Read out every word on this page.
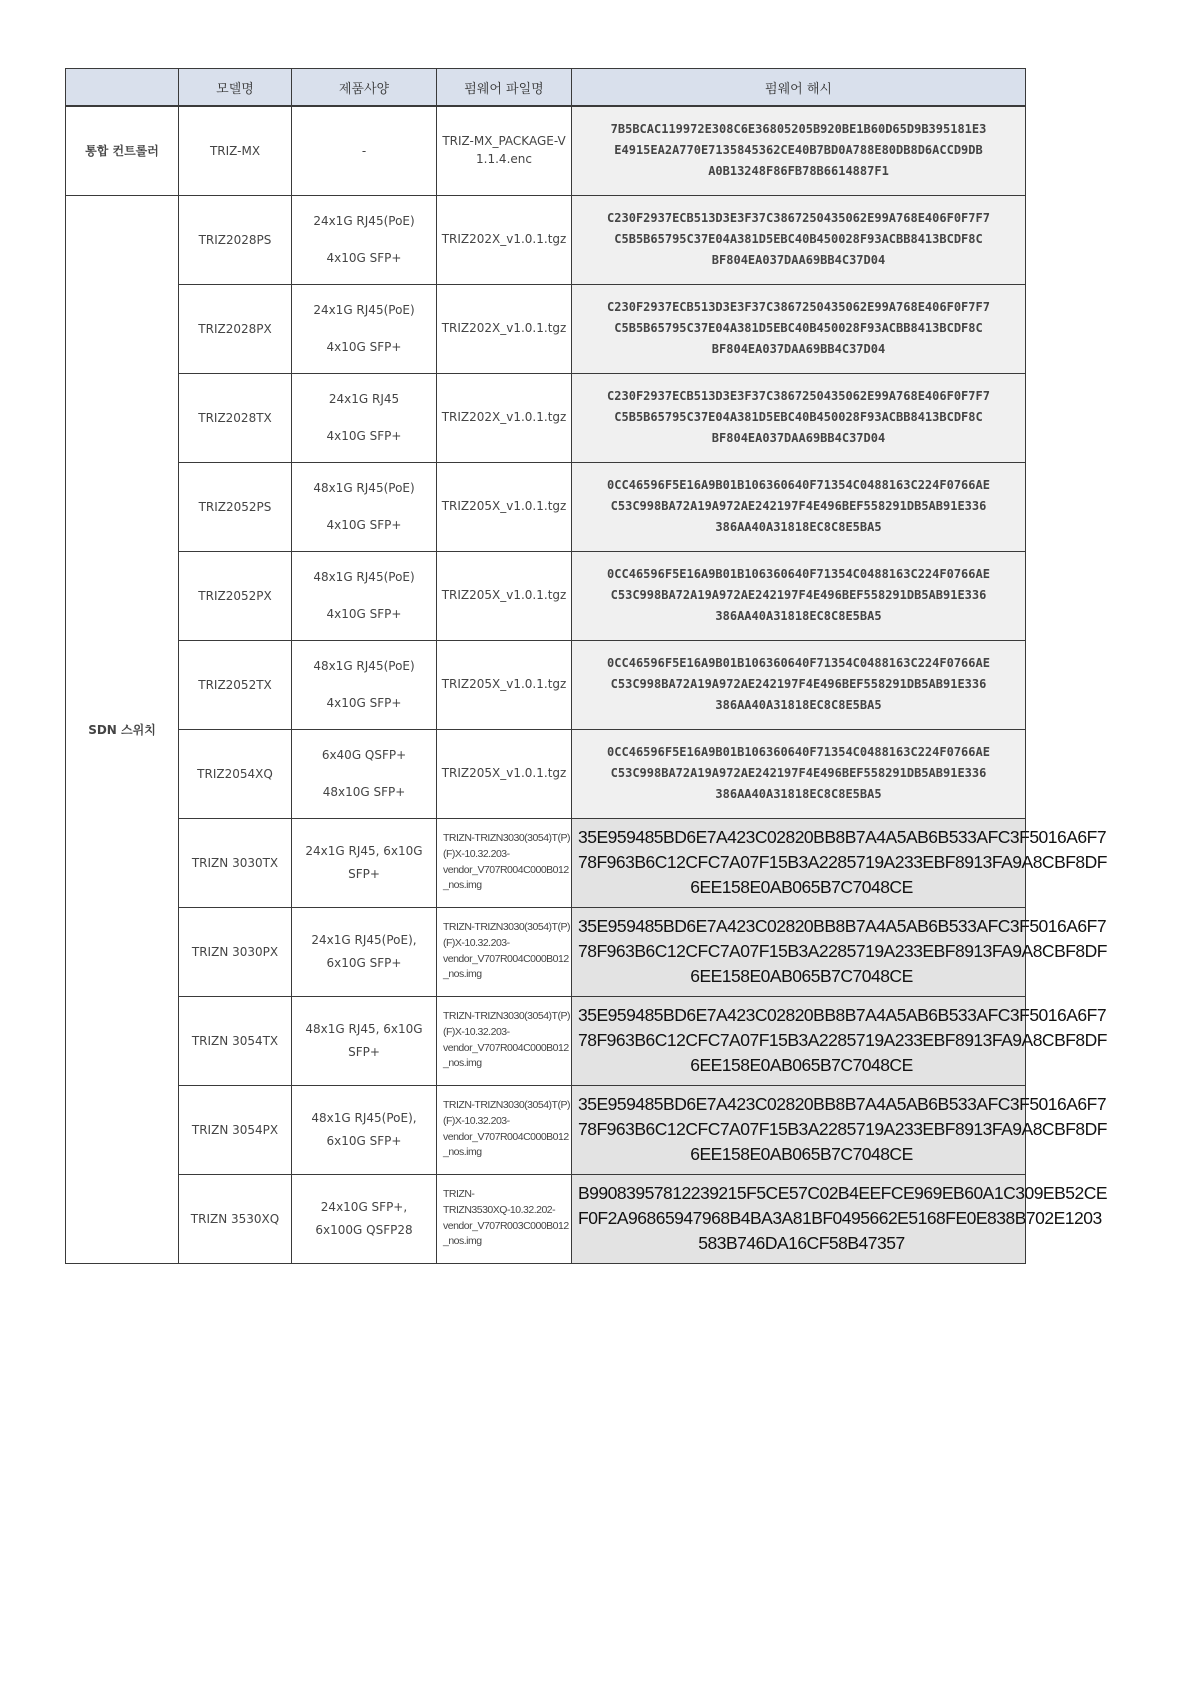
	모델명	제품사양	펌웨어 파일명	펌웨어 해시
통합 컨트롤러	TRIZ-MX	-	TRIZ-MX_PACKAGE-V1.1.4.enc	7B5BCAC119972E308C6E36805205B920BE1B60D65D9B395181E3
E4915EA2A770E7135845362CE40B7BD0A788E80DB8D6ACCD9DB
A0B13248F86FB78B6614887F1

SDN 스위치	TRIZ2028PS	24x1G RJ45(PoE)
4x10G SFP+	TRIZ202X_v1.0.1.tgz	C230F2937ECB513D3E3F37C3867250435062E99A768E406F0F7F7
C5B5B65795C37E04A381D5EBC40B450028F93ACBB8413BCDF8C
BF804EA037DAA69BB4C37D04

	TRIZ2028PX	24x1G RJ45(PoE)
4x10G SFP+	TRIZ202X_v1.0.1.tgz	C230F2937ECB513D3E3F37C3867250435062E99A768E406F0F7F7
C5B5B65795C37E04A381D5EBC40B450028F93ACBB8413BCDF8C
BF804EA037DAA69BB4C37D04

	TRIZ2028TX	24x1G RJ45
4x10G SFP+	TRIZ202X_v1.0.1.tgz	C230F2937ECB513D3E3F37C3867250435062E99A768E406F0F7F7
C5B5B65795C37E04A381D5EBC40B450028F93ACBB8413BCDF8C
BF804EA037DAA69BB4C37D04

	TRIZ2052PS	48x1G RJ45(PoE)
4x10G SFP+	TRIZ205X_v1.0.1.tgz	0CC46596F5E16A9B01B106360640F71354C0488163C224F0766AE
C53C998BA72A19A972AE242197F4E496BEF558291DB5AB91E336
386AA40A31818EC8C8E5BA5

	TRIZ2052PX	48x1G RJ45(PoE)
4x10G SFP+	TRIZ205X_v1.0.1.tgz	0CC46596F5E16A9B01B106360640F71354C0488163C224F0766AE
C53C998BA72A19A972AE242197F4E496BEF558291DB5AB91E336
386AA40A31818EC8C8E5BA5

	TRIZ2052TX	48x1G RJ45(PoE)
4x10G SFP+	TRIZ205X_v1.0.1.tgz	0CC46596F5E16A9B01B106360640F71354C0488163C224F0766AE
C53C998BA72A19A972AE242197F4E496BEF558291DB5AB91E336
386AA40A31818EC8C8E5BA5

	TRIZ2054XQ	6x40G QSFP+
48x10G SFP+	TRIZ205X_v1.0.1.tgz	0CC46596F5E16A9B01B106360640F71354C0488163C224F0766AE
C53C998BA72A19A972AE242197F4E496BEF558291DB5AB91E336
386AA40A31818EC8C8E5BA5

	TRIZN 3030TX	24x1G RJ45, 6x10G
SFP+	TRIZN-TRIZN3030(3054)T(P)
(F)X-10.32.203-
vendor_V707R004C000B012
_nos.img	35E959485BD6E7A423C02820BB8B7A4A5AB6B533AFC3F5016A6F7
78F963B6C12CFC7A07F15B3A2285719A233EBF8913FA9A8CBF8DF
6EE158E0AB065B7C7048CE

	TRIZN 3030PX	24x1G RJ45(PoE),
6x10G SFP+	TRIZN-TRIZN3030(3054)T(P)
(F)X-10.32.203-
vendor_V707R004C000B012
_nos.img	35E959485BD6E7A423C02820BB8B7A4A5AB6B533AFC3F5016A6F7
78F963B6C12CFC7A07F15B3A2285719A233EBF8913FA9A8CBF8DF
6EE158E0AB065B7C7048CE

	TRIZN 3054TX	48x1G RJ45, 6x10G
SFP+	TRIZN-TRIZN3030(3054)T(P)
(F)X-10.32.203-
vendor_V707R004C000B012
_nos.img	35E959485BD6E7A423C02820BB8B7A4A5AB6B533AFC3F5016A6F7
78F963B6C12CFC7A07F15B3A2285719A233EBF8913FA9A8CBF8DF
6EE158E0AB065B7C7048CE

	TRIZN 3054PX	48x1G RJ45(PoE),
6x10G SFP+	TRIZN-TRIZN3030(3054)T(P)
(F)X-10.32.203-
vendor_V707R004C000B012
_nos.img	35E959485BD6E7A423C02820BB8B7A4A5AB6B533AFC3F5016A6F7
78F963B6C12CFC7A07F15B3A2285719A233EBF8913FA9A8CBF8DF
6EE158E0AB065B7C7048CE

	TRIZN 3530XQ	24x10G SFP+,
6x100G QSFP28	TRIZN-
TRIZN3530XQ-10.32.202-
vendor_V707R003C000B012
_nos.img	B99083957812239215F5CE57C02B4EEFCE969EB60A1C309EB52CE
F0F2A96865947968B4BA3A81BF0495662E5168FE0E838B702E1203
583B746DA16CF58B47357
